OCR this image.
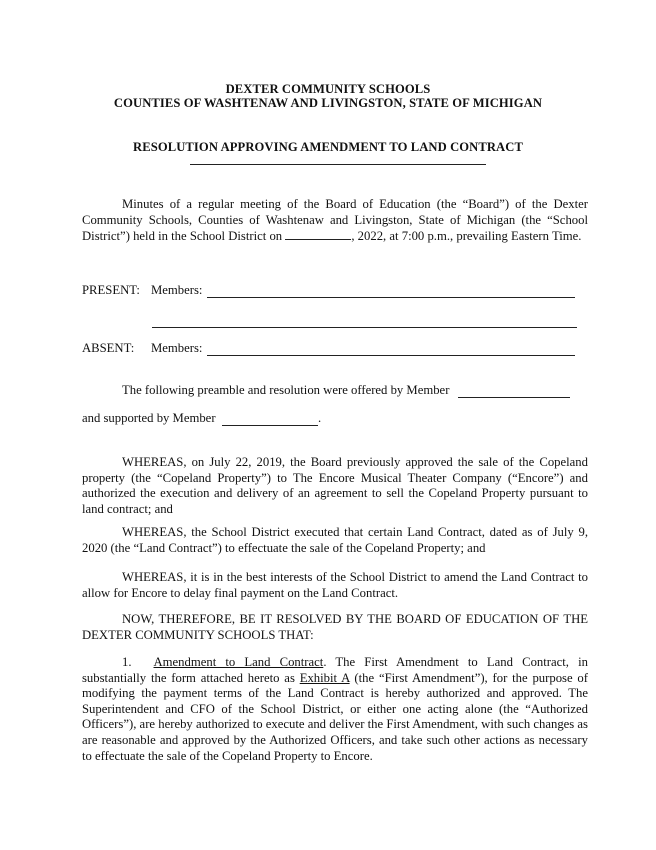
DEXTER COMMUNITY SCHOOLS
COUNTIES OF WASHTENAW AND LIVINGSTON, STATE OF MICHIGAN
RESOLUTION APPROVING AMENDMENT TO LAND CONTRACT
Minutes of a regular meeting of the Board of Education (the “Board”) of the Dexter Community Schools, Counties of Washtenaw and Livingston, State of Michigan (the “School District”) held in the School District on	, 2022, at 7:00 p.m., prevailing Eastern Time.
PRESENT: Members:
ABSENT: Members:
The following preamble and resolution were offered by Member
and supported by Member	.
WHEREAS, on July 22, 2019, the Board previously approved the sale of the Copeland property (the “Copeland Property”) to The Encore Musical Theater Company (“Encore”) and authorized the execution and delivery of an agreement to sell the Copeland Property pursuant to land contract; and
WHEREAS, the School District executed that certain Land Contract, dated as of July 9, 2020 (the “Land Contract”) to effectuate the sale of the Copeland Property; and
WHEREAS, it is in the best interests of the School District to amend the Land Contract to allow for Encore to delay final payment on the Land Contract.
NOW, THEREFORE, BE IT RESOLVED BY THE BOARD OF EDUCATION OF THE DEXTER COMMUNITY SCHOOLS THAT:
1. Amendment to Land Contract. The First Amendment to Land Contract, in substantially the form attached hereto as Exhibit A (the “First Amendment”), for the purpose of modifying the payment terms of the Land Contract is hereby authorized and approved. The Superintendent and CFO of the School District, or either one acting alone (the “Authorized Officers”), are hereby authorized to execute and deliver the First Amendment, with such changes as are reasonable and approved by the Authorized Officers, and take such other actions as necessary to effectuate the sale of the Copeland Property to Encore.
